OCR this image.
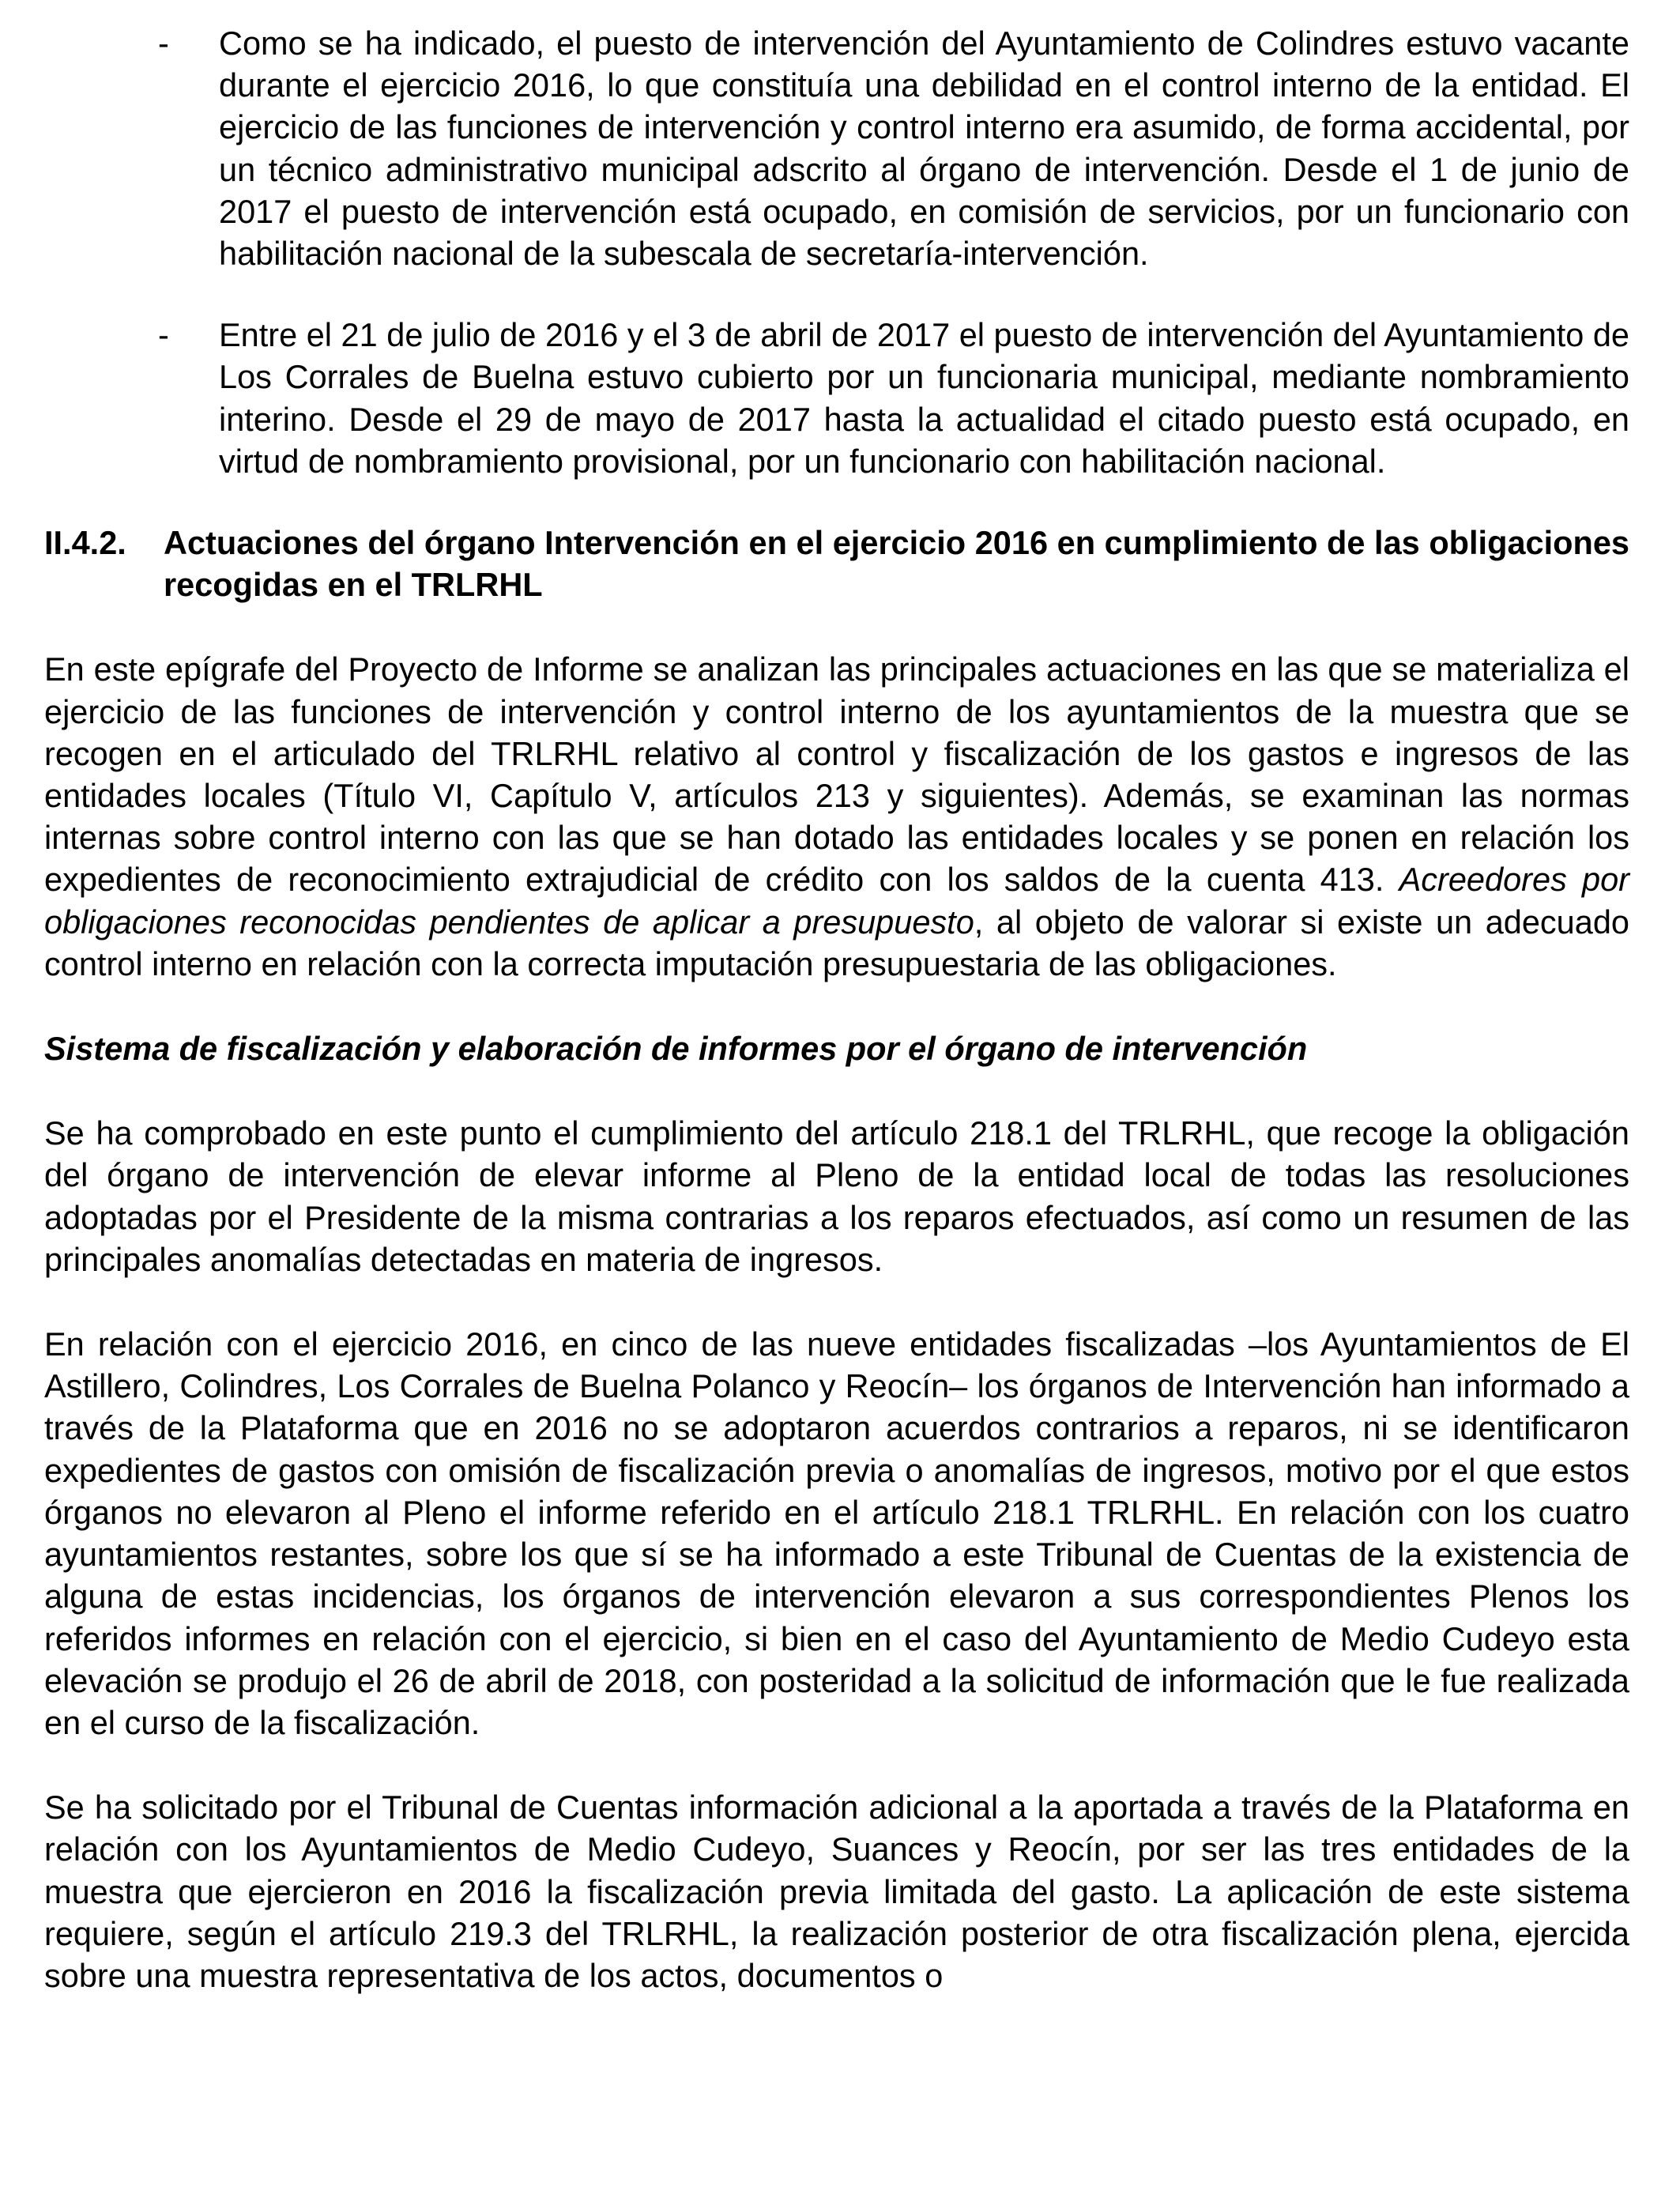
- Como se ha indicado, el puesto de intervención del Ayuntamiento de Colindres estuvo vacante durante el ejercicio 2016, lo que constituía una debilidad en el control interno de la entidad. El ejercicio de las funciones de intervención y control interno era asumido, de forma accidental, por un técnico administrativo municipal adscrito al órgano de intervención. Desde el 1 de junio de 2017 el puesto de intervención está ocupado, en comisión de servicios, por un funcionario con habilitación nacional de la subescala de secretaría-intervención.

- Entre el 21 de julio de 2016 y el 3 de abril de 2017 el puesto de intervención del Ayuntamiento de Los Corrales de Buelna estuvo cubierto por un funcionaria municipal, mediante nombramiento interino. Desde el 29 de mayo de 2017 hasta la actualidad el citado puesto está ocupado, en virtud de nombramiento provisional, por un funcionario con habilitación nacional.

II.4.2. Actuaciones del órgano Intervención en el ejercicio 2016 en cumplimiento de las obligaciones recogidas en el TRLRHL

En este epígrafe del Proyecto de Informe se analizan las principales actuaciones en las que se materializa el ejercicio de las funciones de intervención y control interno de los ayuntamientos de la muestra que se recogen en el articulado del TRLRHL relativo al control y fiscalización de los gastos e ingresos de las entidades locales (Título VI, Capítulo V, artículos 213 y siguientes). Además, se examinan las normas internas sobre control interno con las que se han dotado las entidades locales y se ponen en relación los expedientes de reconocimiento extrajudicial de crédito con los saldos de la cuenta 413. Acreedores por obligaciones reconocidas pendientes de aplicar a presupuesto, al objeto de valorar si existe un adecuado control interno en relación con la correcta imputación presupuestaria de las obligaciones.

Sistema de fiscalización y elaboración de informes por el órgano de intervención

Se ha comprobado en este punto el cumplimiento del artículo 218.1 del TRLRHL, que recoge la obligación del órgano de intervención de elevar informe al Pleno de la entidad local de todas las resoluciones adoptadas por el Presidente de la misma contrarias a los reparos efectuados, así como un resumen de las principales anomalías detectadas en materia de ingresos.

En relación con el ejercicio 2016, en cinco de las nueve entidades fiscalizadas –los Ayuntamientos de El Astillero, Colindres, Los Corrales de Buelna Polanco y Reocín– los órganos de Intervención han informado a través de la Plataforma que en 2016 no se adoptaron acuerdos contrarios a reparos, ni se identificaron expedientes de gastos con omisión de fiscalización previa o anomalías de ingresos, motivo por el que estos órganos no elevaron al Pleno el informe referido en el artículo 218.1 TRLRHL. En relación con los cuatro ayuntamientos restantes, sobre los que sí se ha informado a este Tribunal de Cuentas de la existencia de alguna de estas incidencias, los órganos de intervención elevaron a sus correspondientes Plenos los referidos informes en relación con el ejercicio, si bien en el caso del Ayuntamiento de Medio Cudeyo esta elevación se produjo el 26 de abril de 2018, con posteridad a la solicitud de información que le fue realizada en el curso de la fiscalización.

Se ha solicitado por el Tribunal de Cuentas información adicional a la aportada a través de la Plataforma en relación con los Ayuntamientos de Medio Cudeyo, Suances y Reocín, por ser las tres entidades de la muestra que ejercieron en 2016 la fiscalización previa limitada del gasto. La aplicación de este sistema requiere, según el artículo 219.3 del TRLRHL, la realización posterior de otra fiscalización plena, ejercida sobre una muestra representativa de los actos, documentos o
